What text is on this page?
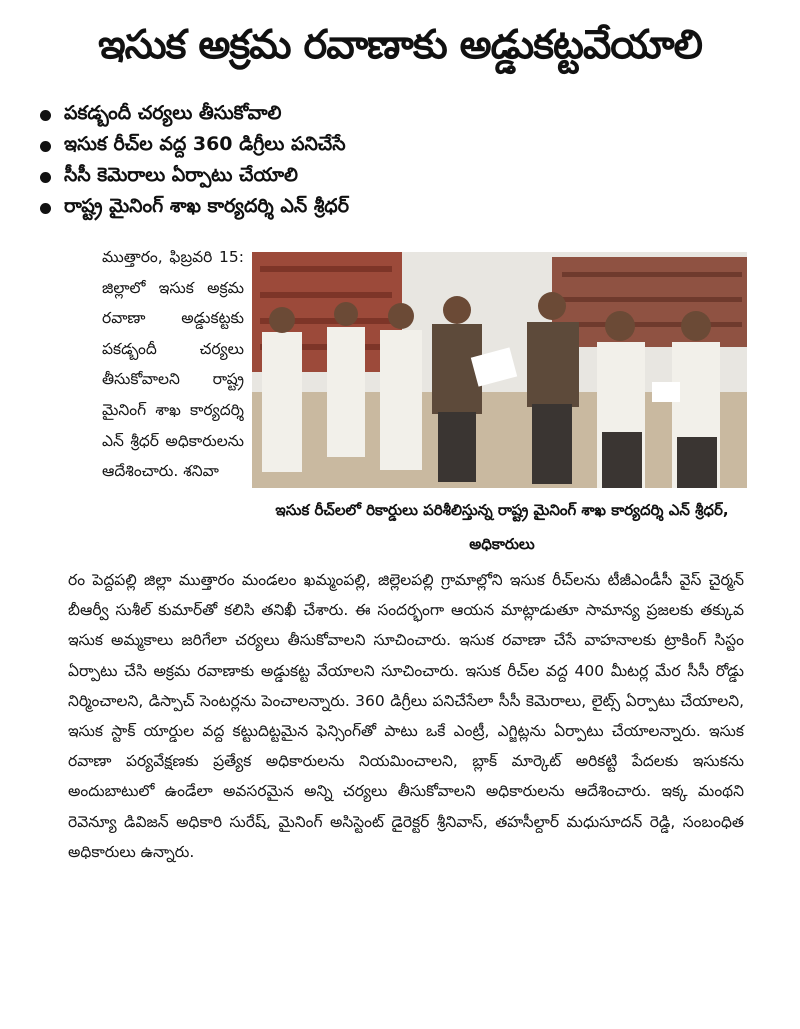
ఇసుక అక్రమ రవాణాకు అడ్డుకట్టవేయాలి
పకడ్బందీ చర్యలు తీసుకోవాలి
ఇసుక రీచ్‌ల వద్ద 360 డిగ్రీలు పనిచేసే
సీసీ కెమెరాలు ఏర్పాటు చేయాలి
రాష్ట్ర మైనింగ్ శాఖ కార్యదర్శి ఎన్ శ్రీధర్

ముత్తారం, ఫిబ్రవరి 15: జిల్లాలో ఇసుక అక్రమ రవాణా అడ్డుకట్టకు పకడ్బందీ చర్యలు తీసుకోవాలని రాష్ట్ర మైనింగ్ శాఖ కార్యదర్శి ఎన్ శ్రీధర్ అధికారులను ఆదేశించారు. శనివా

ఇసుక రీచ్‌లలో రికార్డులు పరిశీలిస్తున్న రాష్ట్ర మైనింగ్ శాఖ కార్యదర్శి ఎన్ శ్రీధర్, అధికారులు

రం పెద్దపల్లి జిల్లా ముత్తారం మండలం ఖమ్మంపల్లి, జిల్లెలపల్లి గ్రామాల్లోని ఇసుక రీచ్‌లను టీజీఎండీసీ వైస్ చైర్మన్ బీఆర్వీ సుశీల్ కుమార్‌తో కలిసి తనిఖీ చేశారు. ఈ సందర్భంగా ఆయన మాట్లాడుతూ సామాన్య ప్రజలకు తక్కువ ఇసుక అమ్మకాలు జరిగేలా చర్యలు తీసుకోవాలని సూచించారు. ఇసుక రవాణా చేసే వాహనాలకు ట్రాకింగ్ సిస్టం ఏర్పాటు చేసి అక్రమ రవాణాకు అడ్డుకట్ట వేయాలని సూచించారు. ఇసుక రీచ్‌ల వద్ద 400 మీటర్ల మేర సీసీ రోడ్డు నిర్మించాలని, డిస్పాచ్ సెంటర్లను పెంచాలన్నారు. 360 డిగ్రీలు పనిచేసేలా సీసీ కెమెరాలు, లైట్స్ ఏర్పాటు చేయాలని, ఇసుక స్టాక్ యార్డుల వద్ద కట్టుదిట్టమైన ఫెన్సింగ్‌తో పాటు ఒకే ఎంట్రీ, ఎగ్జిట్లను ఏర్పాటు చేయాలన్నారు. ఇసుక రవాణా పర్యవేక్షణకు ప్రత్యేక అధికారులను నియమించాలని, బ్లాక్ మార్కెట్ అరికట్టి పేదలకు ఇసుకను అందుబాటులో ఉండేలా అవసరమైన అన్ని చర్యలు తీసుకోవాలని అధికారులను ఆదేశించారు. ఇక్క మంథని రెవెన్యూ డివిజన్ అధికారి సురేష్, మైనింగ్ అసిస్టెంట్ డైరెక్టర్ శ్రీనివాస్, తహసీల్దార్ మధుసూదన్ రెడ్డి, సంబంధిత అధికారులు ఉన్నారు.
